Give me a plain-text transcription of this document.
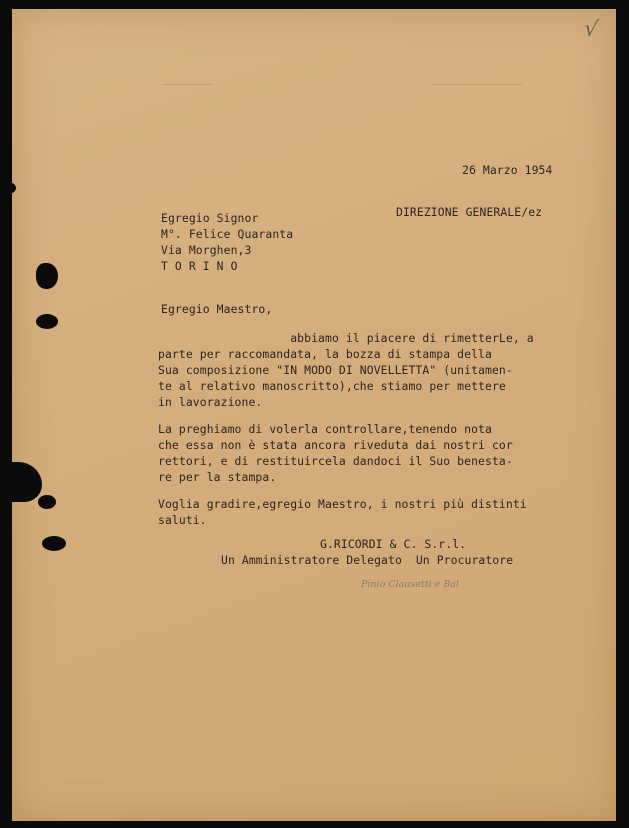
√
26 Marzo 1954
DIREZIONE GENERALE/ez
Egregio Signor
M°. Felice Quaranta
Via Morghen,3
T O R I N O
Egregio Maestro,
abbiamo il piacere di rimetterLe, a
parte per raccomandata, la bozza di stampa della
Sua composizione "IN MODO DI NOVELLETTA" (unitamen-
te al relativo manoscritto),che stiamo per mettere
in lavorazione.
La preghiamo di volerla controllare,tenendo nota
che essa non è stata ancora riveduta dai nostri cor
rettori, e di restituircela dandoci il Suo benesta-
re per la stampa.
Voglia gradire,egregio Maestro, i nostri più distinti
saluti.
G.RICORDI & C. S.r.l.
Un Amministratore Delegato  Un Procuratore
Pinio Clausetti e Bal
